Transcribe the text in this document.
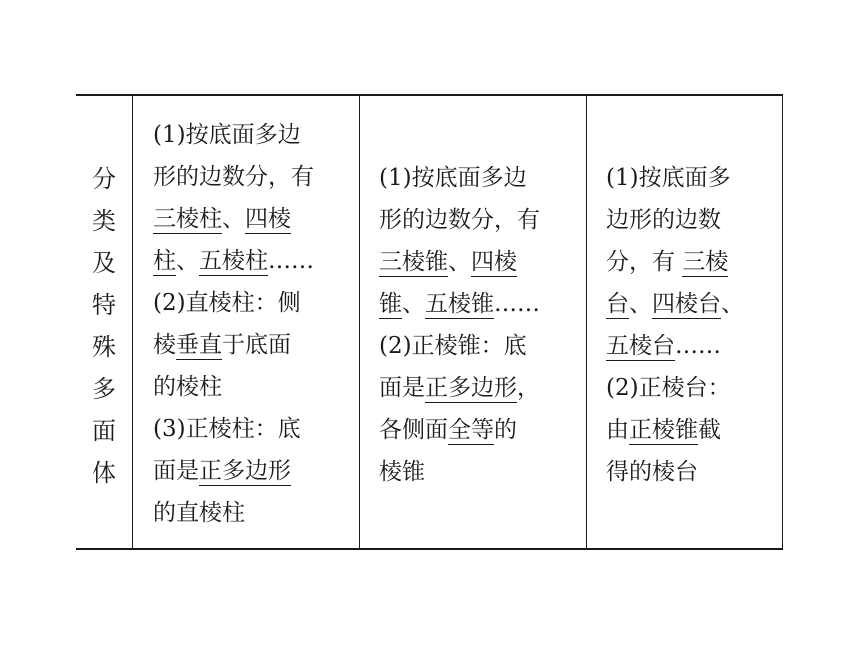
分
类
及
特
殊
多
面
体
(1)按底面多边
形的边数分，有
三棱柱、四棱
柱、五棱柱……
(2)直棱柱：侧
棱垂直于底面
的棱柱
(3)正棱柱：底
面是正多边形
的直棱柱
(1)按底面多边
形的边数分，有
三棱锥、四棱
锥、五棱锥……
(2)正棱锥：底
面是正多边形，
各侧面全等的
棱锥
(1)按底面多
边形的边数
分，有 三棱
台、四棱台、
五棱台……
(2)正棱台：
由正棱锥截
得的棱台
